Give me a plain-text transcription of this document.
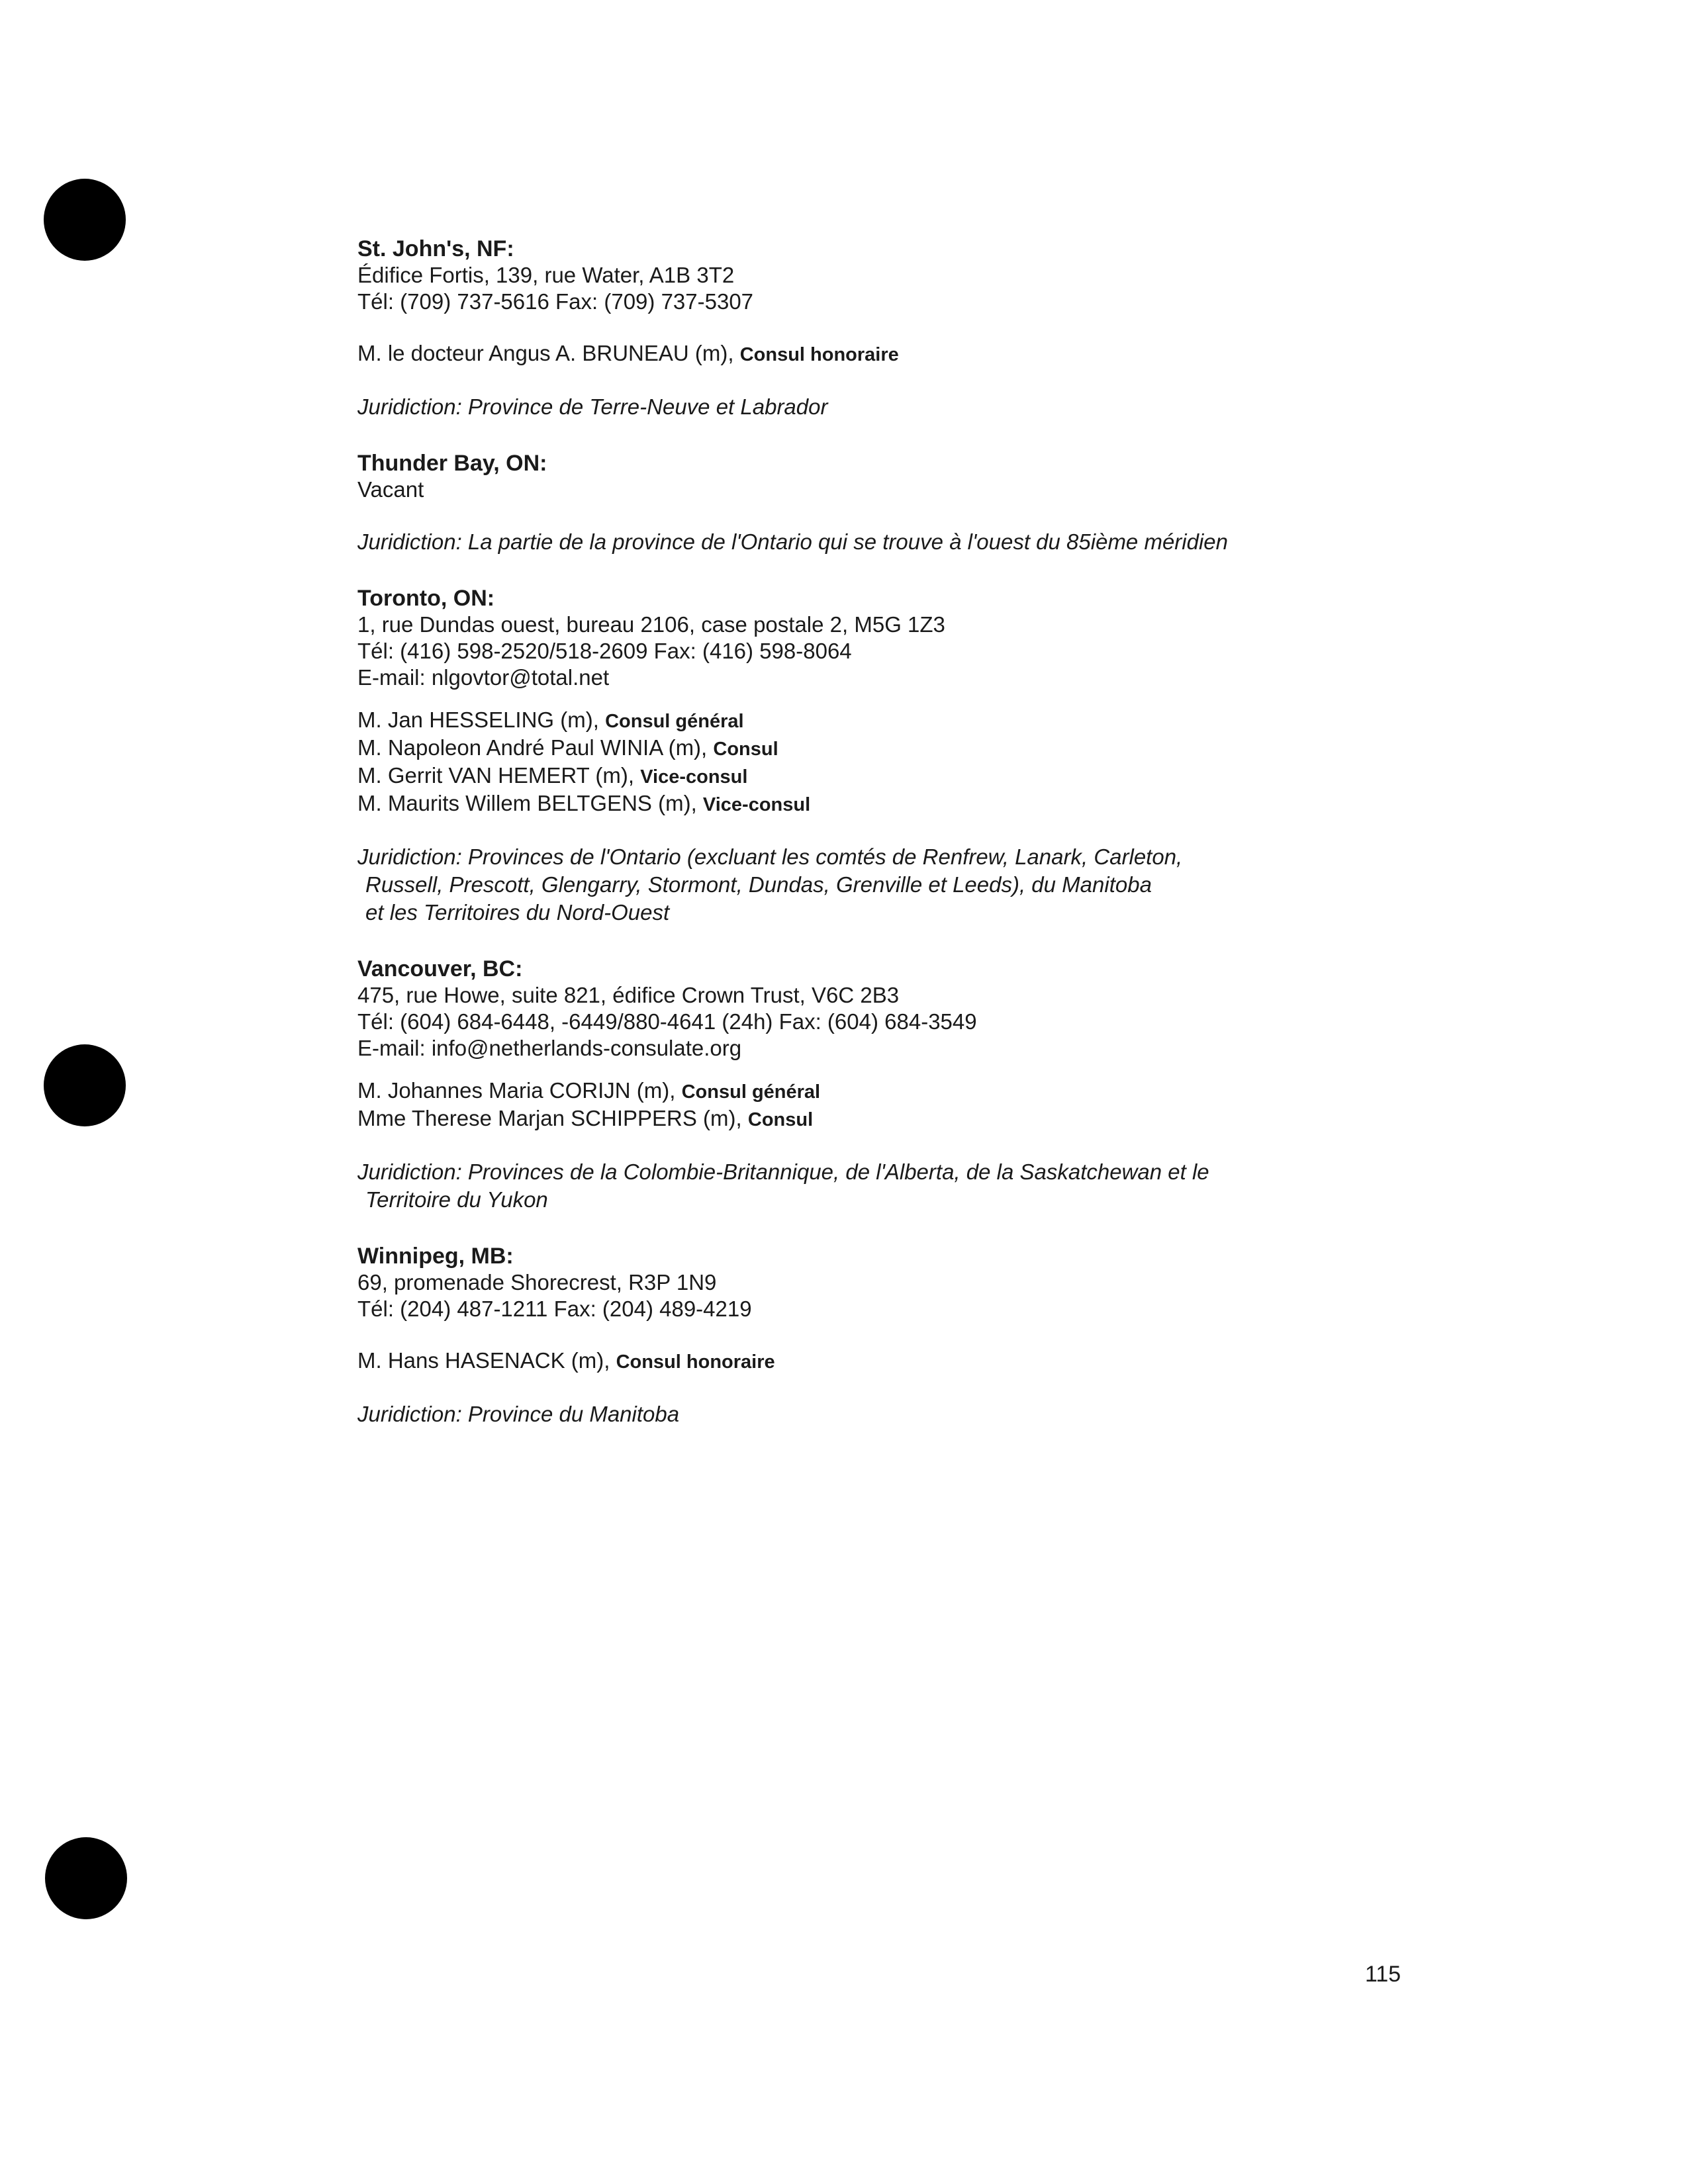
St. John's, NF:
Édifice Fortis, 139, rue Water, A1B 3T2
Tél: (709) 737-5616 Fax: (709) 737-5307
M. le docteur Angus A. BRUNEAU (m), Consul honoraire
Juridiction: Province de Terre-Neuve et Labrador
Thunder Bay, ON:
Vacant
Juridiction: La partie de la province de l'Ontario qui se trouve à l'ouest du 85ième méridien
Toronto, ON:
1, rue Dundas ouest, bureau 2106, case postale 2, M5G 1Z3
Tél: (416) 598-2520/518-2609 Fax: (416) 598-8064
E-mail: nlgovtor@total.net
M. Jan HESSELING (m), Consul général
M. Napoleon André Paul WINIA (m), Consul
M. Gerrit VAN HEMERT (m), Vice-consul
M. Maurits Willem BELTGENS (m), Vice-consul
Juridiction: Provinces de l'Ontario (excluant les comtés de Renfrew, Lanark, Carleton,
Russell, Prescott, Glengarry, Stormont, Dundas, Grenville et Leeds), du Manitoba
et les Territoires du Nord-Ouest
Vancouver, BC:
475, rue Howe, suite 821, édifice Crown Trust, V6C 2B3
Tél: (604) 684-6448, -6449/880-4641 (24h) Fax: (604) 684-3549
E-mail: info@netherlands-consulate.org
M. Johannes Maria CORIJN (m), Consul général
Mme Therese Marjan SCHIPPERS (m), Consul
Juridiction: Provinces de la Colombie-Britannique, de l'Alberta, de la Saskatchewan et le
Territoire du Yukon
Winnipeg, MB:
69, promenade Shorecrest, R3P 1N9
Tél: (204) 487-1211 Fax: (204) 489-4219
M. Hans HASENACK (m), Consul honoraire
Juridiction: Province du Manitoba
115
